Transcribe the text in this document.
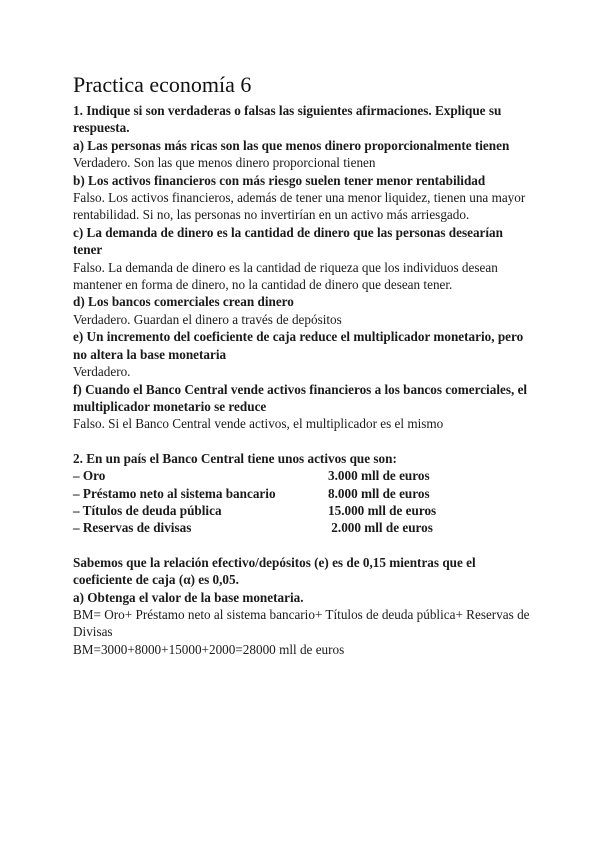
Practica economía 6

1. Indique si son verdaderas o falsas las siguientes afirmaciones. Explique su respuesta.

a) Las personas más ricas son las que menos dinero proporcionalmente tienen

Verdadero. Son las que menos dinero proporcional tienen

b) Los activos financieros con más riesgo suelen tener menor rentabilidad

Falso. Los activos financieros, además de tener una menor liquidez, tienen una mayor rentabilidad. Si no, las personas no invertirían en un activo más arriesgado.

c) La demanda de dinero es la cantidad de dinero que las personas desearían tener

Falso. La demanda de dinero es la cantidad de riqueza que los individuos desean mantener en forma de dinero, no la cantidad de dinero que desean tener.

d) Los bancos comerciales crean dinero

Verdadero. Guardan el dinero a través de depósitos

e) Un incremento del coeficiente de caja reduce el multiplicador monetario, pero no altera la base monetaria

Verdadero.

f) Cuando el Banco Central vende activos financieros a los bancos comerciales, el multiplicador monetario se reduce

Falso. Si el Banco Central vende activos, el multiplicador es el mismo

2. En un país el Banco Central tiene unos activos que son:

– Oro	3.000 mll de euros
– Préstamo neto al sistema bancario	8.000 mll de euros
– Títulos de deuda pública	15.000 mll de euros
– Reservas de divisas	2.000 mll de euros

Sabemos que la relación efectivo/depósitos (e) es de 0,15 mientras que el coeficiente de caja (α) es 0,05.

a) Obtenga el valor de la base monetaria.

BM= Oro+ Préstamo neto al sistema bancario+ Títulos de deuda pública+ Reservas de Divisas

BM=3000+8000+15000+2000=28000 mll de euros
